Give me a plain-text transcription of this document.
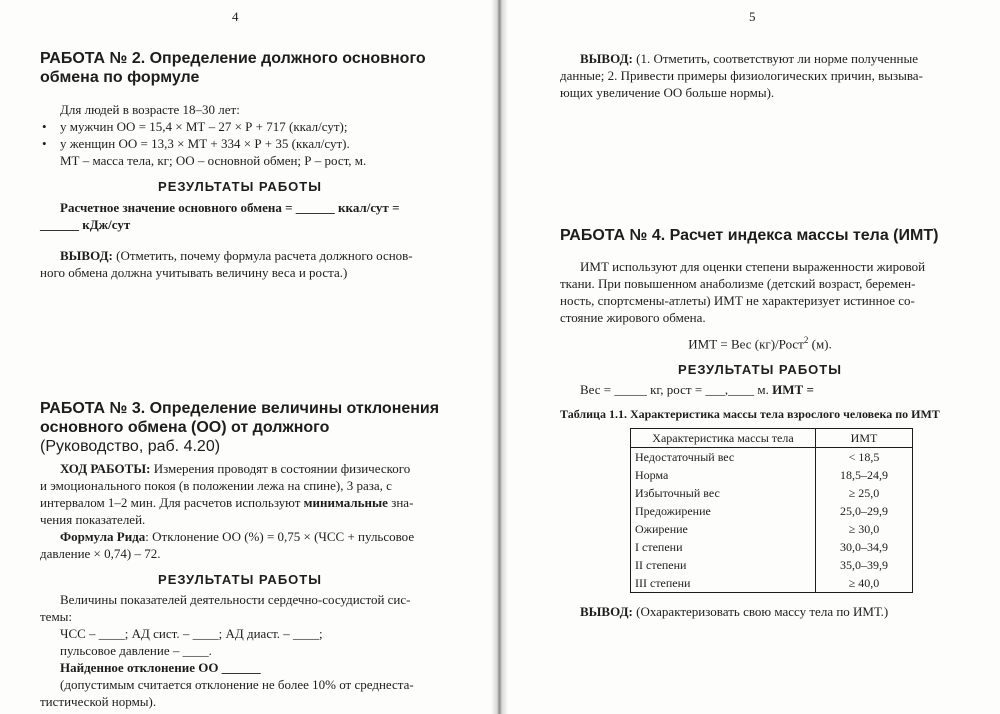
4
РАБОТА № 2. Определение должного основного
обмена по формуле

Для людей в возрасте 18–30 лет:

• у мужчин ОО = 15,4 × МТ – 27 × Р + 717 (ккал/сут);
• у женщин ОО = 13,3 × МТ + 334 × Р + 35 (ккал/сут).

МТ – масса тела, кг; ОО – основной обмен; Р – рост, м.

РЕЗУЛЬТАТЫ РАБОТЫ

Расчетное значение основного обмена = ______ ккал/сут =

______ кДж/сут

ВЫВОД: (Отметить, почему формула расчета должного основ-

ного обмена должна учитывать величину веса и роста.)

РАБОТА № 3. Определение величины отклонения
основного обмена (ОО) от должного
(Руководство, раб. 4.20)

ХОД РАБОТЫ: Измерения проводят в состоянии физического

и эмоционального покоя (в положении лежа на спине), 3 раза, с

интервалом 1–2 мин. Для расчетов используют минимальные зна-

чения показателей.

Формула Рида: Отклонение ОО (%) = 0,75 × (ЧСС + пульсовое

давление × 0,74) – 72.

РЕЗУЛЬТАТЫ РАБОТЫ

Величины показателей деятельности сердечно-сосудистой сис-

темы:

ЧСС – ____; АД сист. – ____; АД диаст. – ____;

пульсовое давление – ____.

Найденное отклонение ОО ______

(допустимым считается отклонение не более 10% от среднеста-

тистической нормы).

5

ВЫВОД: (1. Отметить, соответствуют ли норме полученные

данные; 2. Привести примеры физиологических причин, вызыва-

ющих увеличение ОО больше нормы).

РАБОТА № 4. Расчет индекса массы тела (ИМТ)

ИМТ используют для оценки степени выраженности жировой

ткани. При повышенном анаболизме (детский возраст, беремен-

ность, спортсмены-атлеты) ИМТ не характеризует истинное со-

стояние жирового обмена.

ИМТ = Вес (кг)/Рост$^2$ (м).
РЕЗУЛЬТАТЫ РАБОТЫ

Вес = _____ кг, рост = ___,____ м. ИМТ =

Таблица 1.1. Характеристика массы тела взрослого человека по ИМТ

Характеристика массы тела	ИМТ
Недостаточный вес	< 18,5
Норма	18,5–24,9
Избыточный вес	≥ 25,0
Предожирение	25,0–29,9
Ожирение	≥ 30,0
I степени	30,0–34,9
II степени	35,0–39,9
III степени	≥ 40,0

ВЫВОД: (Охарактеризовать свою массу тела по ИМТ.)
